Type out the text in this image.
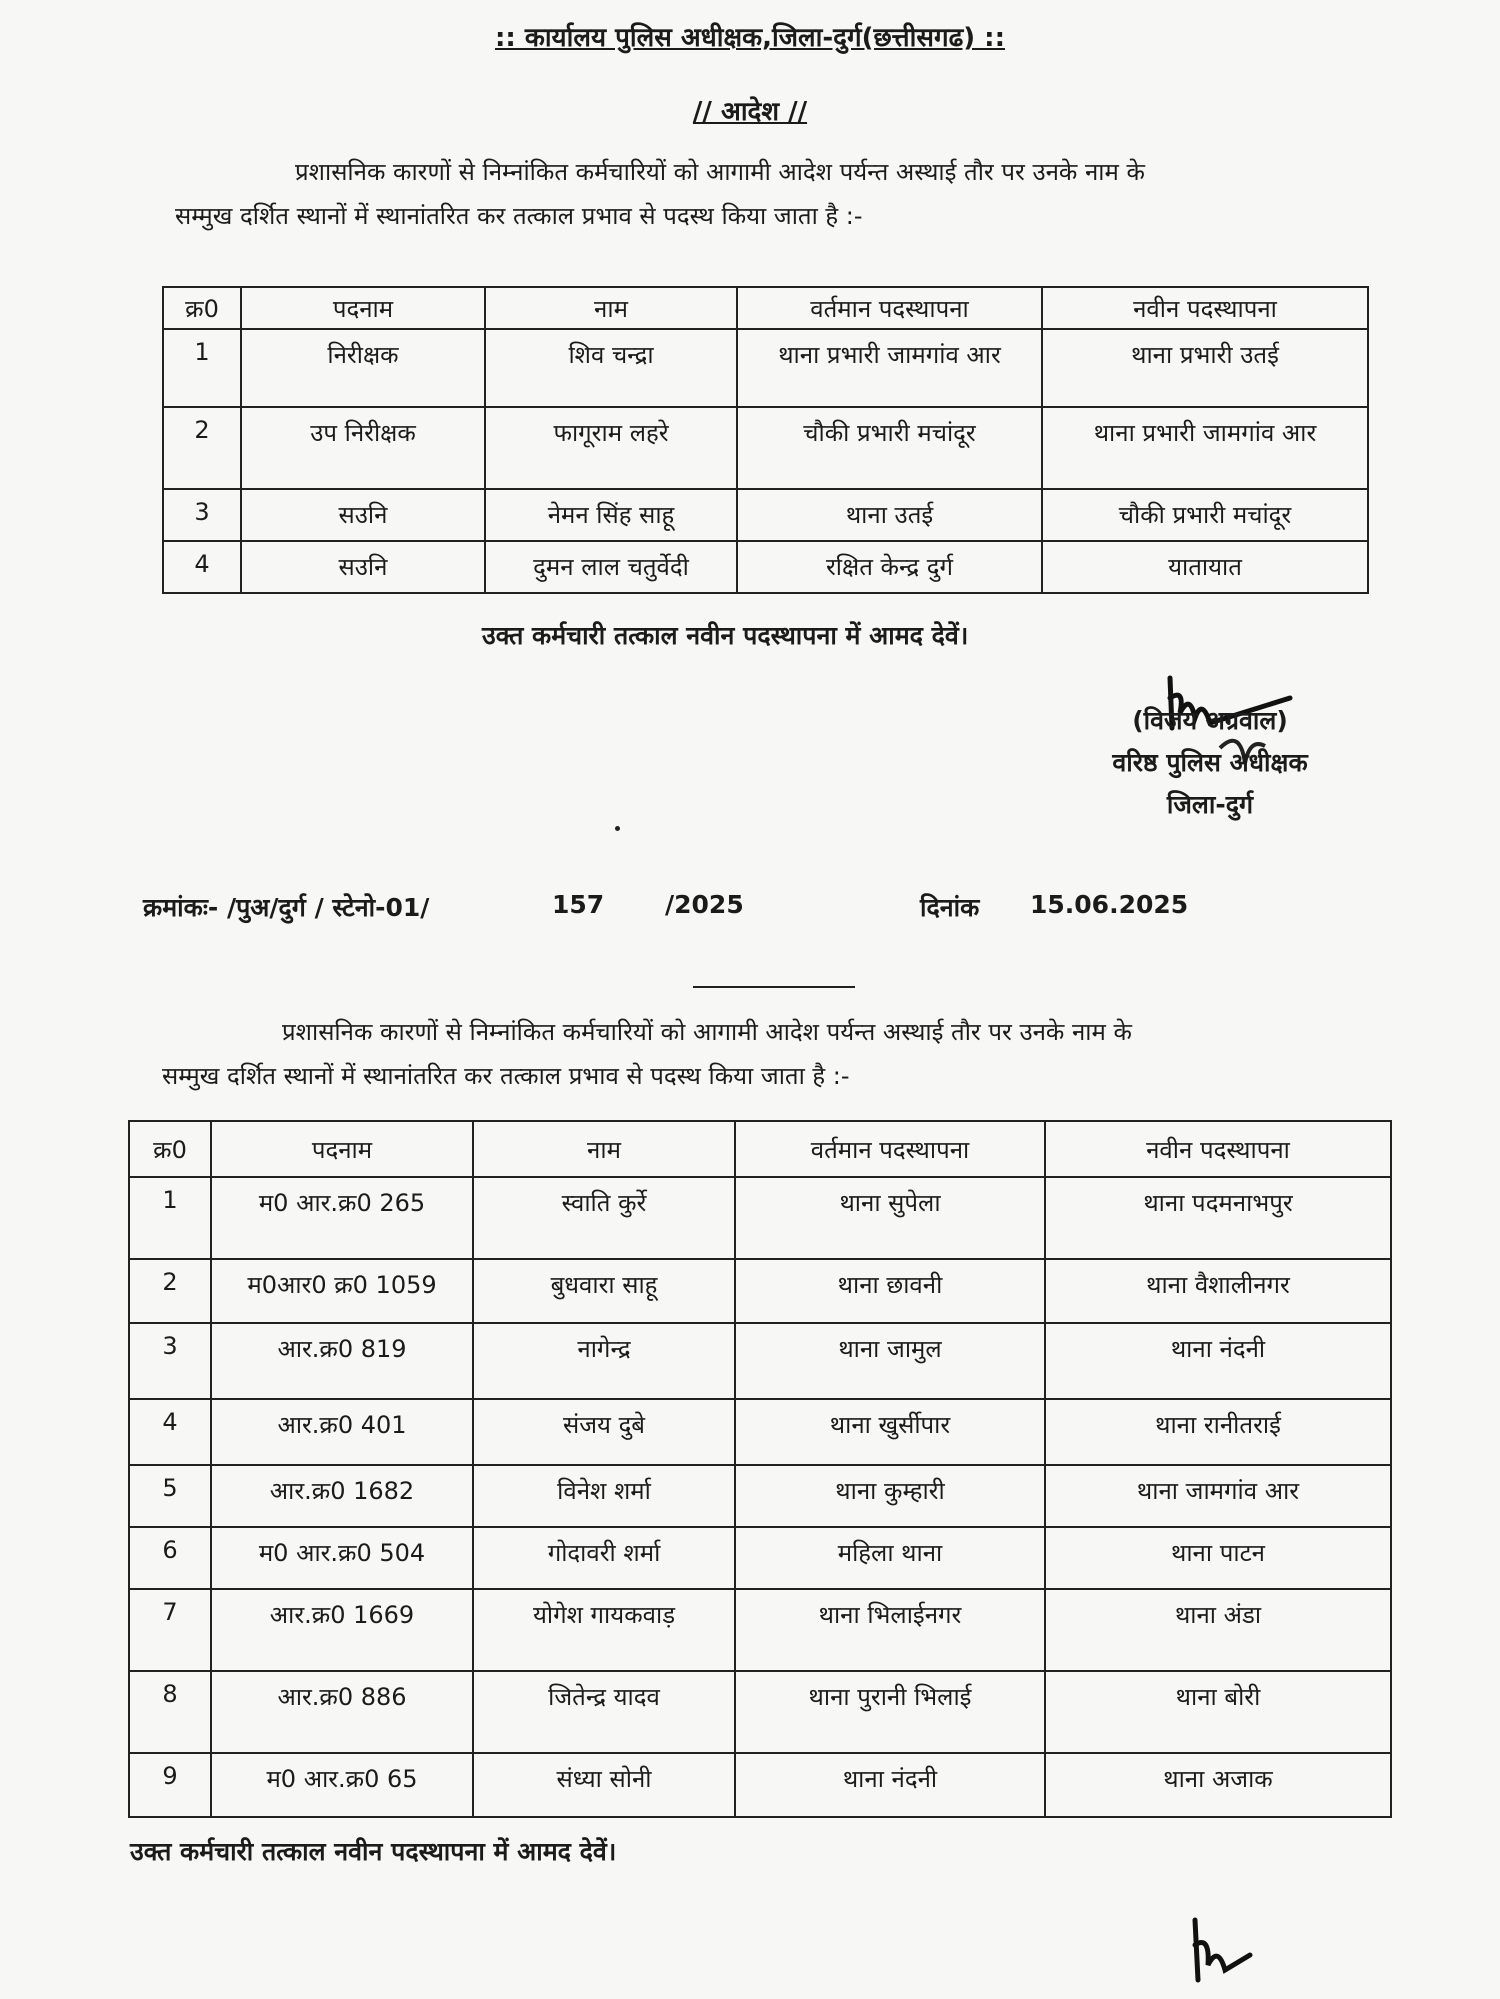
:: कार्यालय पुलिस अधीक्षक,जिला-दुर्ग(छत्तीसगढ) ::
// आदेश //
प्रशासनिक कारणों से निम्नांकित कर्मचारियों को आगामी आदेश पर्यन्त अस्थाई तौर पर उनके नाम के
सम्मुख दर्शित स्थानों में स्थानांतरित कर तत्काल प्रभाव से पदस्थ किया जाता है :-
क्र0	पदनाम	नाम	वर्तमान पदस्थापना	नवीन पदस्थापना
1	निरीक्षक	शिव चन्द्रा	थाना प्रभारी जामगांव आर	थाना प्रभारी उतई
2	उप निरीक्षक	फागूराम लहरे	चौकी प्रभारी मचांदूर	थाना प्रभारी जामगांव आर
3	सउनि	नेमन सिंह साहू	थाना उतई	चौकी प्रभारी मचांदूर
4	सउनि	दुमन लाल चतुर्वेदी	रक्षित केन्द्र दुर्ग	यातायात
उक्त कर्मचारी तत्काल नवीन पदस्थापना में आमद देवें।
(विजय अग्रवाल)
वरिष्ठ पुलिस अधीक्षक
जिला-दुर्ग
क्रमांकः- /पुअ/दुर्ग / स्टेनो-01/	157 /2025	दिनांक 15.06.2025
प्रशासनिक कारणों से निम्नांकित कर्मचारियों को आगामी आदेश पर्यन्त अस्थाई तौर पर उनके नाम के
सम्मुख दर्शित स्थानों में स्थानांतरित कर तत्काल प्रभाव से पदस्थ किया जाता है :-
क्र0	पदनाम	नाम	वर्तमान पदस्थापना	नवीन पदस्थापना
1	म0 आर.क्र0 265	स्वाति कुर्रे	थाना सुपेला	थाना पदमनाभपुर
2	म0आर0 क्र0 1059	बुधवारा साहू	थाना छावनी	थाना वैशालीनगर
3	आर.क्र0 819	नागेन्द्र	थाना जामुल	थाना नंदनी
4	आर.क्र0 401	संजय दुबे	थाना खुर्सीपार	थाना रानीतराई
5	आर.क्र0 1682	विनेश शर्मा	थाना कुम्हारी	थाना जामगांव आर
6	म0 आर.क्र0 504	गोदावरी शर्मा	महिला थाना	थाना पाटन
7	आर.क्र0 1669	योगेश गायकवाड़	थाना भिलाईनगर	थाना अंडा
8	आर.क्र0 886	जितेन्द्र यादव	थाना पुरानी भिलाई	थाना बोरी
9	म0 आर.क्र0 65	संध्या सोनी	थाना नंदनी	थाना अजाक
उक्त कर्मचारी तत्काल नवीन पदस्थापना में आमद देवें।
